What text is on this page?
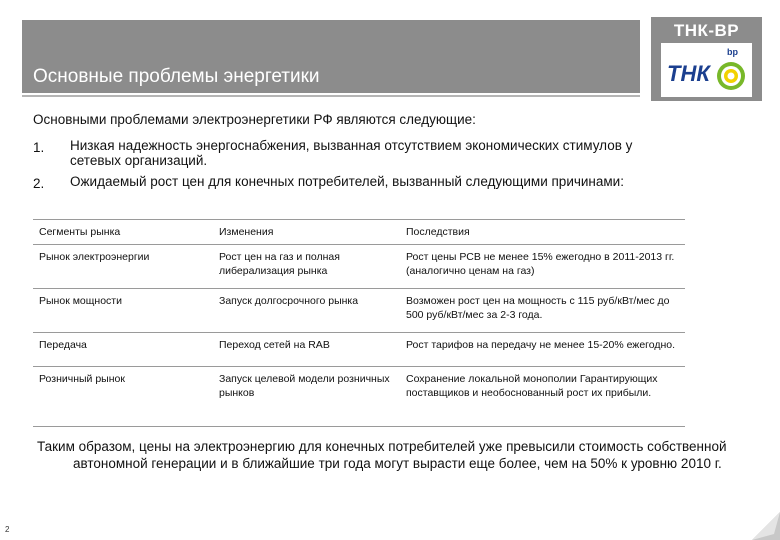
Основные проблемы энергетики
ТНК-ВР
ТНК
bp
Основными проблемами электроэнергетики РФ являются следующие:
1. Низкая надежность энергоснабжения, вызванная отсутствием экономических стимулов у сетевых организаций.
2. Ожидаемый рост цен для конечных потребителей, вызванный следующими причинами:
Сегменты рынка	Изменения	Последствия
Рынок электроэнергии	Рост цен на газ и полная либерализация рынка	Рост цены РСВ не менее 15% ежегодно в 2011-2013 гг. (аналогично ценам на газ)
Рынок мощности	Запуск долгосрочного рынка	Возможен рост цен на мощность с 115 руб/кВт/мес до 500 руб/кВт/мес за 2-3 года.
Передача	Переход сетей на RAB	Рост тарифов на передачу не менее 15-20% ежегодно.
Розничный рынок	Запуск целевой модели розничных рынков	Сохранение локальной монополии Гарантирующих поставщиков и необоснованный рост их прибыли.
Таким образом, цены на электроэнергию для конечных потребителей уже превысили стоимость собственной автономной генерации и в ближайшие три года могут вырасти еще более, чем на 50% к уровню 2010 г.
2
